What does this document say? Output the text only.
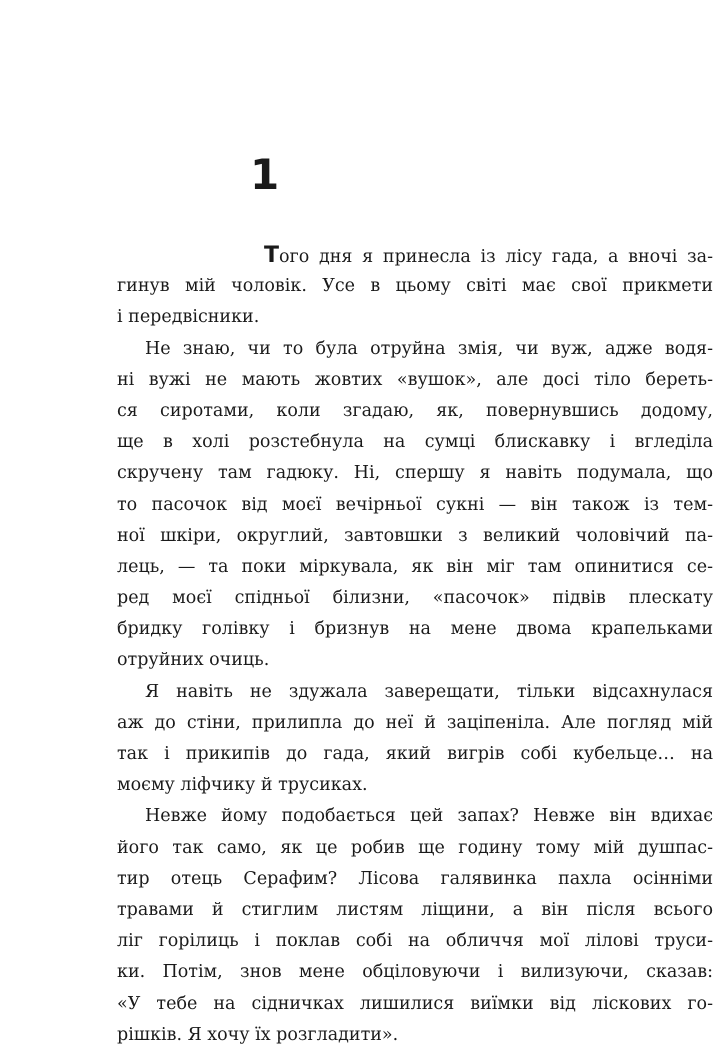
1
Того дня я принесла із лісу гада, а вночі за-
гинув мій чоловік. Усе в цьому світі має свої прикмети
і передвісники.
Не знаю, чи то була отруйна змія, чи вуж, адже водя-
ні вужі не мають жовтих «вушок», але досі тіло береть-
ся сиротами, коли згадаю, як, повернувшись додому,
ще в холі розстебнула на сумці блискавку і вгледіла
скручену там гадюку. Ні, спершу я навіть подумала, що
то пасочок від моєї вечірньої сукні — він також із тем-
ної шкіри, округлий, завтовшки з великий чоловічий па-
лець, — та поки міркувала, як він міг там опинитися се-
ред моєї спідньої білизни, «пасочок» підвів плескату
бридку голівку і бризнув на мене двома крапельками
отруйних очиць.
Я навіть не здужала заверещати, тільки відсахнулася
аж до стіни, прилипла до неї й заціпеніла. Але погляд мій
так і прикипів до гада, який вигрів собі кубельце… на
моєму ліфчику й трусиках.
Невже йому подобається цей запах? Невже він вдихає
його так само, як це робив ще годину тому мій душпас-
тир отець Серафим? Лісова галявинка пахла осінніми
травами й стиглим листям ліщини, а він після всього
ліг горілиць і поклав собі на обличчя мої лілові труси-
ки. Потім, знов мене обціловуючи і вилизуючи, сказав:
«У тебе на сідничках лишилися виїмки від ліскових го-
рішків. Я хочу їх розгладити».
